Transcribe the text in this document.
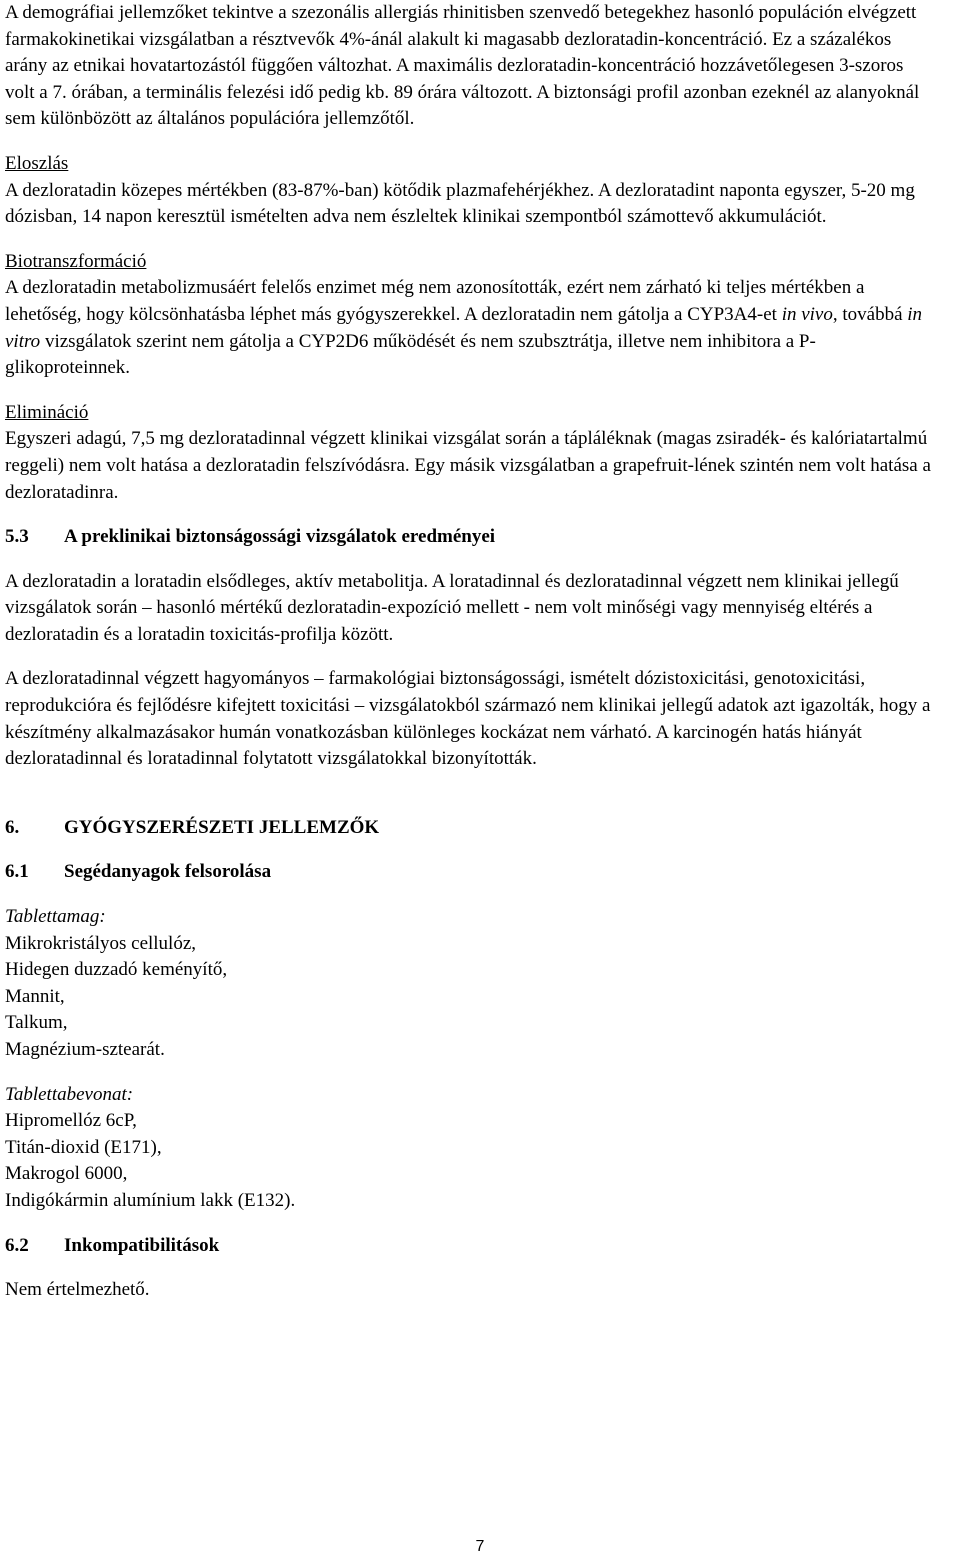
A demográfiai jellemzőket tekintve a szezonális allergiás rhinitisben szenvedő betegekhez hasonló populáción elvégzett farmakokinetikai vizsgálatban a résztvevők 4%-ánál alakult ki magasabb dezloratadin-koncentráció. Ez a százalékos arány az etnikai hovatartozástól függően változhat. A maximális dezloratadin-koncentráció hozzávetőlegesen 3-szoros volt a 7. órában, a terminális felezési idő pedig kb. 89 órára változott. A biztonsági profil azonban ezeknél az alanyoknál sem különbözött az általános populációra jellemzőtől.

Eloszlás

A dezloratadin közepes mértékben (83-87%-ban) kötődik plazmafehérjékhez. A dezloratadint naponta egyszer, 5-20 mg dózisban, 14 napon keresztül ismételten adva nem észleltek klinikai szempontból számottevő akkumulációt.

Biotranszformáció

A dezloratadin metabolizmusáért felelős enzimet még nem azonosították, ezért nem zárható ki teljes mértékben a lehetőség, hogy kölcsönhatásba léphet más gyógyszerekkel. A dezloratadin nem gátolja a CYP3A4-et in vivo, továbbá in vitro vizsgálatok szerint nem gátolja a CYP2D6 működését és nem szubsztrátja, illetve nem inhibitora a P-glikoproteinnek.

Elimináció

Egyszeri adagú, 7,5 mg dezloratadinnal végzett klinikai vizsgálat során a tápláléknak (magas zsiradék- és kalóriatartalmú reggeli) nem volt hatása a dezloratadin felszívódásra. Egy másik vizsgálatban a grapefruit-lének szintén nem volt hatása a dezloratadinra.

5.3	A preklinikai biztonságossági vizsgálatok eredményei

A dezloratadin a loratadin elsődleges, aktív metabolitja. A loratadinnal és dezloratadinnal végzett nem klinikai jellegű vizsgálatok során – hasonló mértékű dezloratadin-expozíció mellett - nem volt minőségi vagy mennyiség eltérés a dezloratadin és a loratadin toxicitás-profilja között.

A dezloratadinnal végzett hagyományos – farmakológiai biztonságossági, ismételt dózistoxicitási, genotoxicitási, reprodukcióra és fejlődésre kifejtett toxicitási – vizsgálatokból származó nem klinikai jellegű adatok azt igazolták, hogy a készítmény alkalmazásakor humán vonatkozásban különleges kockázat nem várható. A karcinogén hatás hiányát dezloratadinnal és loratadinnal folytatott vizsgálatokkal bizonyították.

6.	GYÓGYSZERÉSZETI JELLEMZŐK
6.1	Segédanyagok felsorolása

Tablettamag:

Mikrokristályos cellulóz,
Hidegen duzzadó keményítő,
Mannit,
Talkum,
Magnézium-sztearát.

Tablettabevonat:

Hipromellóz 6cP,
Titán-dioxid (E171),
Makrogol 6000,
Indigókármin alumínium lakk (E132).
6.2	Inkompatibilitások

Nem értelmezhető.

7
